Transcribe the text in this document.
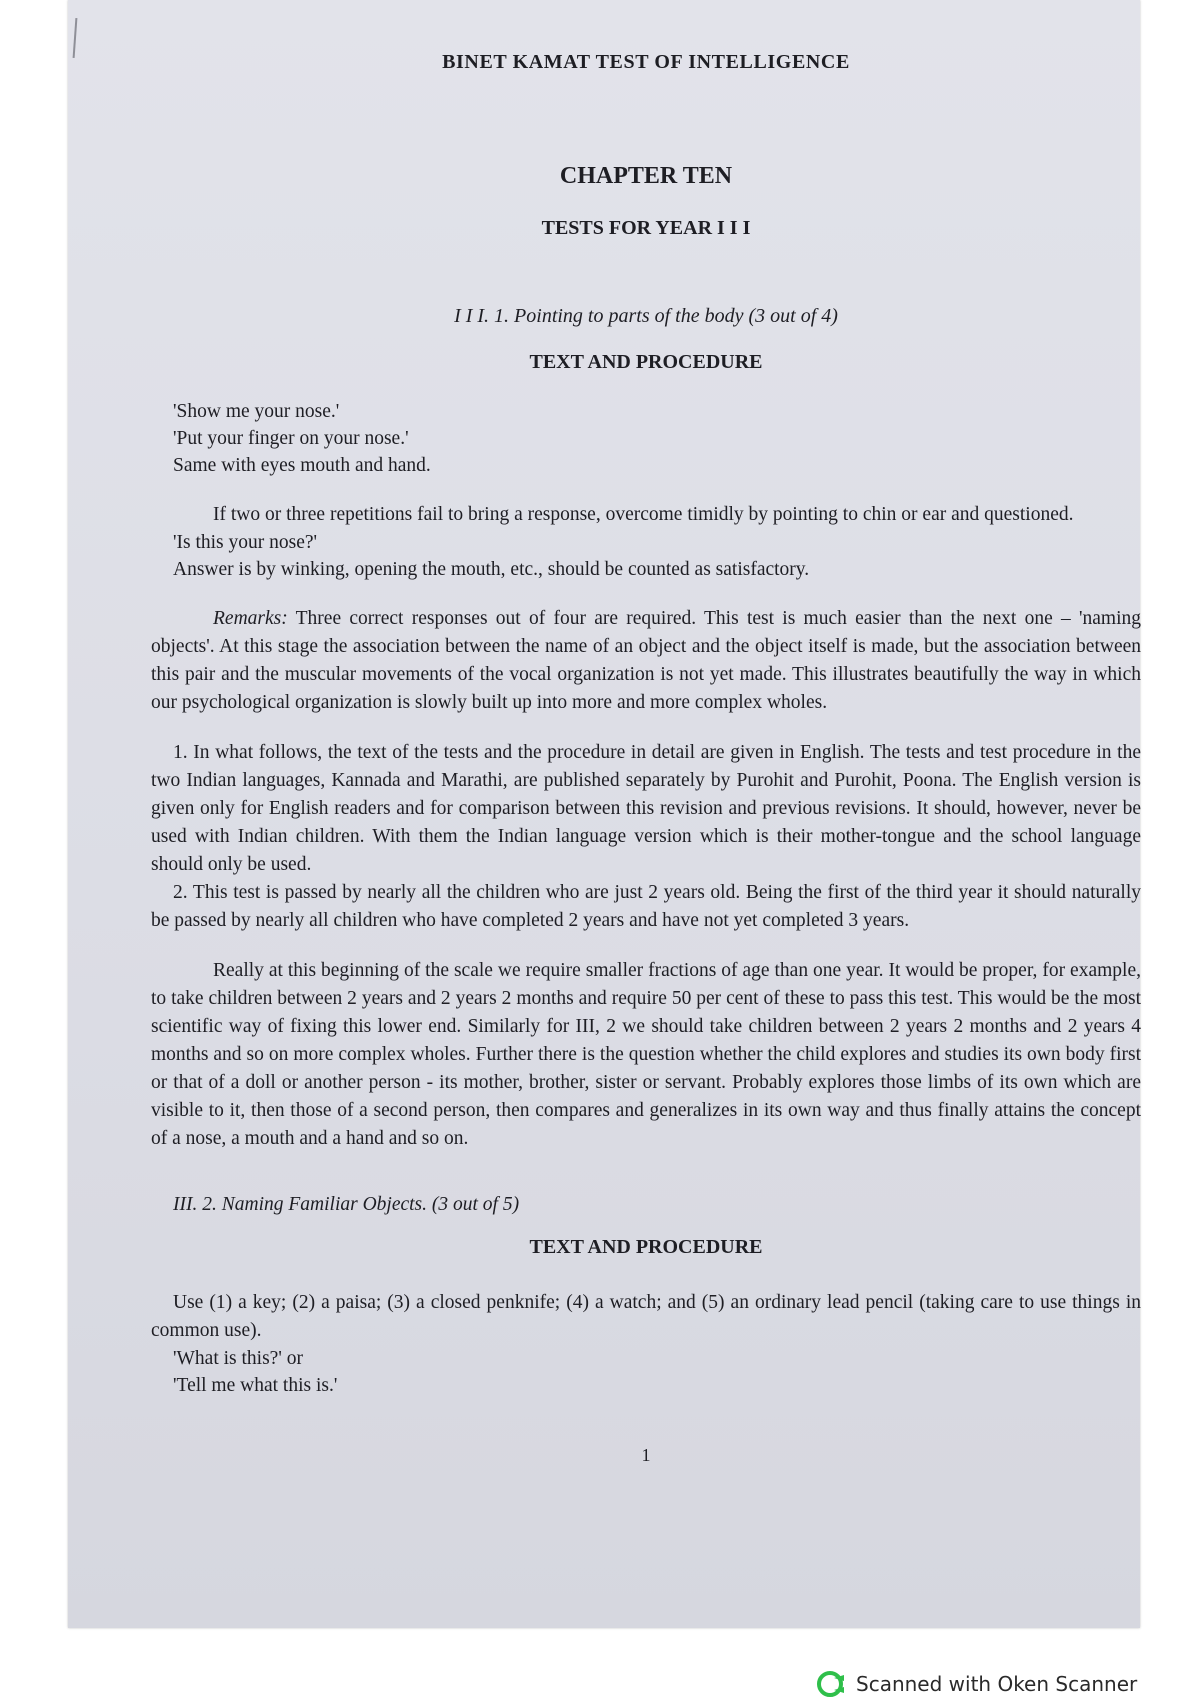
BINET KAMAT TEST OF INTELLIGENCE

CHAPTER TEN

TESTS FOR YEAR I I I

I I I. 1. Pointing to parts of the body (3 out of 4)

TEXT AND PROCEDURE

'Show me your nose.'

'Put your finger on your nose.'

Same with eyes mouth and hand.

If two or three repetitions fail to bring a response, overcome timidly by pointing to chin or ear and questioned.

'Is this your nose?'

Answer is by winking, opening the mouth, etc., should be counted as satisfactory.

Remarks: Three correct responses out of four are required. This test is much easier than the next one – 'naming objects'. At this stage the association between the name of an object and the object itself is made, but the association between this pair and the muscular movements of the vocal organization is not yet made. This illustrates beautifully the way in which our psychological organization is slowly built up into more and more complex wholes.

1. In what follows, the text of the tests and the procedure in detail are given in English. The tests and test procedure in the two Indian languages, Kannada and Marathi, are published separately by Purohit and Purohit, Poona. The English version is given only for English readers and for comparison between this revision and previous revisions. It should, however, never be used with Indian children. With them the Indian language version which is their mother-tongue and the school language should only be used.

2. This test is passed by nearly all the children who are just 2 years old. Being the first of the third year it should naturally be passed by nearly all children who have completed 2 years and have not yet completed 3 years.

Really at this beginning of the scale we require smaller fractions of age than one year. It would be proper, for example, to take children between 2 years and 2 years 2 months and require 50 per cent of these to pass this test. This would be the most scientific way of fixing this lower end. Similarly for III, 2 we should take children between 2 years 2 months and 2 years 4 months and so on more complex wholes. Further there is the question whether the child explores and studies its own body first or that of a doll or another person - its mother, brother, sister or servant. Probably explores those limbs of its own which are visible to it, then those of a second person, then compares and generalizes in its own way and thus finally attains the concept of a nose, a mouth and a hand and so on.

III. 2. Naming Familiar Objects. (3 out of 5)

TEXT AND PROCEDURE

Use (1) a key; (2) a paisa; (3) a closed penknife; (4) a watch; and (5) an ordinary lead pencil (taking care to use things in common use).

'What is this?' or

'Tell me what this is.'

1

Scanned with Oken Scanner
